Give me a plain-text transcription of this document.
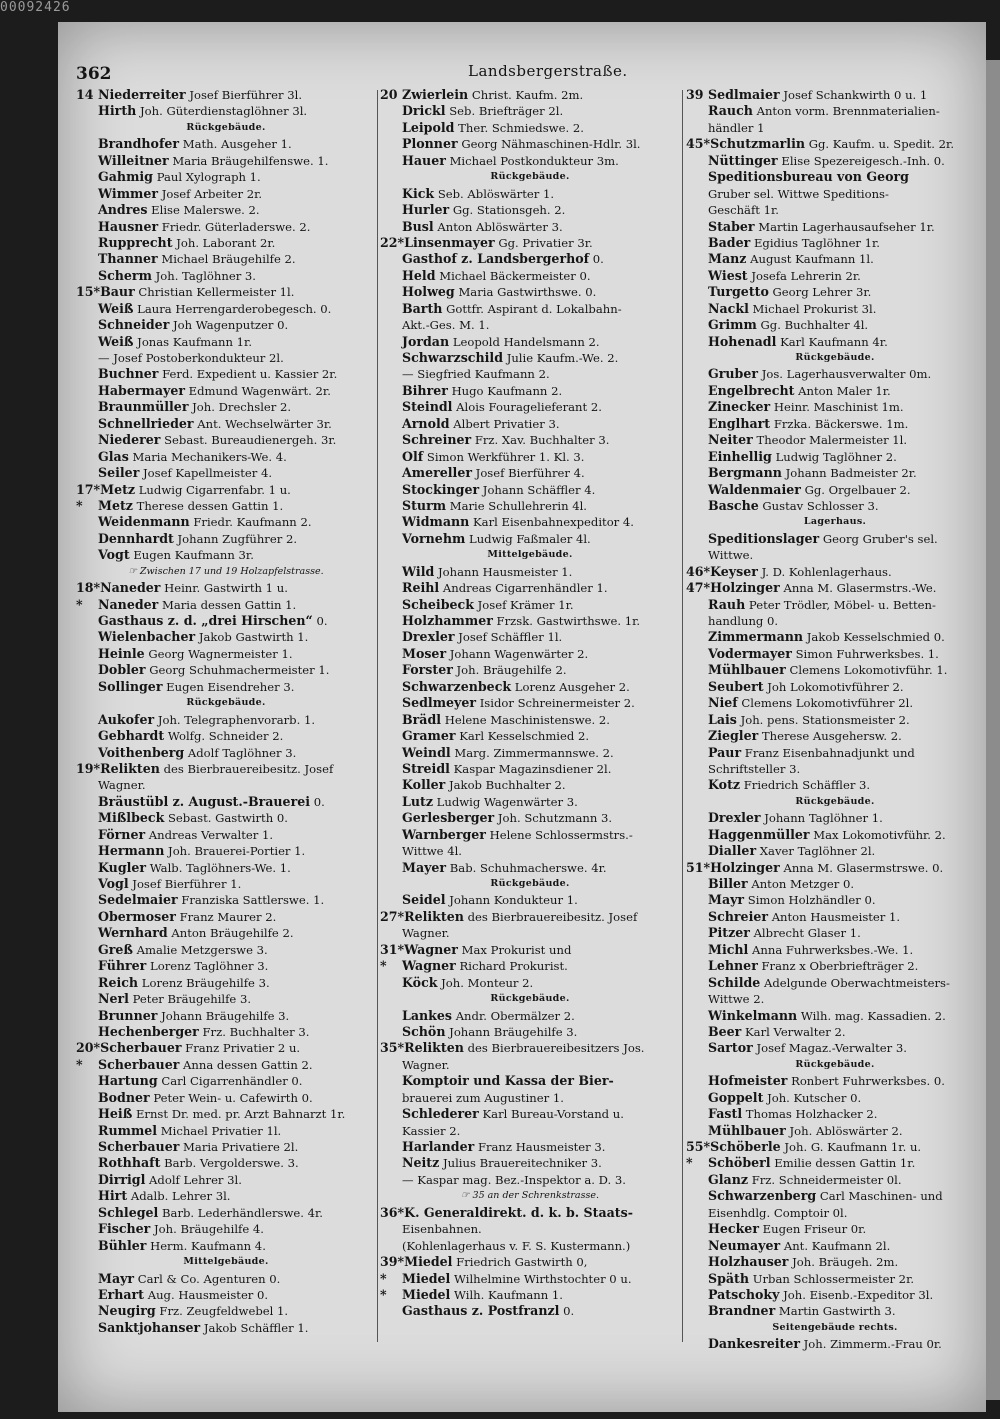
00092426
362	Landsbergerstraße.
14 Niederreiter Josef Bierführer 3l.
Hirth Joh. Güterdienstaglöhner 3l.
Rückgebäude.
Brandhofer Math. Ausgeher 1.
Willeitner Maria Bräugehilfenswe. 1.
Gahmig Paul Xylograph 1.
Wimmer Josef Arbeiter 2r.
Andres Elise Malerswe. 2.
Hausner Friedr. Güterladerswe. 2.
Rupprecht Joh. Laborant 2r.
Thanner Michael Bräugehilfe 2.
Scherm Joh. Taglöhner 3.
15*Baur Christian Kellermeister 1l.
Weiß Laura Herrengarderobegesch. 0.
Schneider Joh Wagenputzer 0.
Weiß Jonas Kaufmann 1r.
— Josef Postoberkondukteur 2l.
Buchner Ferd. Expedient u. Kassier 2r.
Habermayer Edmund Wagenwärt. 2r.
Braunmüller Joh. Drechsler 2.
Schnellrieder Ant. Wechselwärter 3r.
Niederer Sebast. Bureaudienergeh. 3r.
Glas Maria Mechanikers-We. 4.
Seiler Josef Kapellmeister 4.
17*Metz Ludwig Cigarrenfabr. 1 u.
* Metz Therese dessen Gattin 1.
Weidenmann Friedr. Kaufmann 2.
Dennhardt Johann Zugführer 2.
Vogt Eugen Kaufmann 3r.
☞ Zwischen 17 und 19 Holzapfelstrasse.
18*Naneder Heinr. Gastwirth 1 u.
* Naneder Maria dessen Gattin 1.
Gasthaus z. d. „drei Hirschen“ 0.
Wielenbacher Jakob Gastwirth 1.
Heinle Georg Wagnermeister 1.
Dobler Georg Schuhmachermeister 1.
Sollinger Eugen Eisendreher 3.
Rückgebäude.
Aukofer Joh. Telegraphenvorarb. 1.
Gebhardt Wolfg. Schneider 2.
Voithenberg Adolf Taglöhner 3.
19*Relikten des Bierbrauereibesitz. Josef
Wagner.
Bräustübl z. August.-Brauerei 0.
Mißlbeck Sebast. Gastwirth 0.
Förner Andreas Verwalter 1.
Hermann Joh. Brauerei-Portier 1.
Kugler Walb. Taglöhners-We. 1.
Vogl Josef Bierführer 1.
Sedelmaier Franziska Sattlerswe. 1.
Obermoser Franz Maurer 2.
Wernhard Anton Bräugehilfe 2.
Greß Amalie Metzgerswe 3.
Führer Lorenz Taglöhner 3.
Reich Lorenz Bräugehilfe 3.
Nerl Peter Bräugehilfe 3.
Brunner Johann Bräugehilfe 3.
Hechenberger Frz. Buchhalter 3.
20*Scherbauer Franz Privatier 2 u.
* Scherbauer Anna dessen Gattin 2.
Hartung Carl Cigarrenhändler 0.
Bodner Peter Wein- u. Cafewirth 0.
Heiß Ernst Dr. med. pr. Arzt Bahnarzt 1r.
Rummel Michael Privatier 1l.
Scherbauer Maria Privatiere 2l.
Rothhaft Barb. Vergolderswe. 3.
Dirrigl Adolf Lehrer 3l.
Hirt Adalb. Lehrer 3l.
Schlegel Barb. Lederhändlerswe. 4r.
Fischer Joh. Bräugehilfe 4.
Bühler Herm. Kaufmann 4.
Mittelgebäude.
Mayr Carl & Co. Agenturen 0.
Erhart Aug. Hausmeister 0.
Neugirg Frz. Zeugfeldwebel 1.
Sanktjohanser Jakob Schäffler 1.
20 Zwierlein Christ. Kaufm. 2m.
Drickl Seb. Briefträger 2l.
Leipold Ther. Schmiedswe. 2.
Plonner Georg Nähmaschinen-Hdlr. 3l.
Hauer Michael Postkondukteur 3m.
Rückgebäude.
Kick Seb. Ablöswärter 1.
Hurler Gg. Stationsgeh. 2.
Busl Anton Ablöswärter 3.
22*Linsenmayer Gg. Privatier 3r.
Gasthof z. Landsbergerhof 0.
Held Michael Bäckermeister 0.
Holweg Maria Gastwirthswe. 0.
Barth Gottfr. Aspirant d. Lokalbahn-
Akt.-Ges. M. 1.
Jordan Leopold Handelsmann 2.
Schwarzschild Julie Kaufm.-We. 2.
— Siegfried Kaufmann 2.
Bihrer Hugo Kaufmann 2.
Steindl Alois Fouragelieferant 2.
Arnold Albert Privatier 3.
Schreiner Frz. Xav. Buchhalter 3.
Olf Simon Werkführer 1. Kl. 3.
Amereller Josef Bierführer 4.
Stockinger Johann Schäffler 4.
Sturm Marie Schullehrerin 4l.
Widmann Karl Eisenbahnexpeditor 4.
Vornehm Ludwig Faßmaler 4l.
Mittelgebäude.
Wild Johann Hausmeister 1.
Reihl Andreas Cigarrenhändler 1.
Scheibeck Josef Krämer 1r.
Holzhammer Frzsk. Gastwirthswe. 1r.
Drexler Josef Schäffler 1l.
Moser Johann Wagenwärter 2.
Forster Joh. Bräugehilfe 2.
Schwarzenbeck Lorenz Ausgeher 2.
Sedlmeyer Isidor Schreinermeister 2.
Brädl Helene Maschinistenswe. 2.
Gramer Karl Kesselschmied 2.
Weindl Marg. Zimmermannswe. 2.
Streidl Kaspar Magazinsdiener 2l.
Koller Jakob Buchhalter 2.
Lutz Ludwig Wagenwärter 3.
Gerlesberger Joh. Schutzmann 3.
Warnberger Helene Schlossermstrs.-
Wittwe 4l.
Mayer Bab. Schuhmacherswe. 4r.
Rückgebäude.
Seidel Johann Kondukteur 1.
27*Relikten des Bierbrauereibesitz. Josef
Wagner.
31*Wagner Max Prokurist und
* Wagner Richard Prokurist.
Köck Joh. Monteur 2.
Rückgebäude.
Lankes Andr. Obermälzer 2.
Schön Johann Bräugehilfe 3.
35*Relikten des Bierbrauereibesitzers Jos.
Wagner.
Komptoir und Kassa der Bier-
brauerei zum Augustiner 1.
Schlederer Karl Bureau-Vorstand u.
Kassier 2.
Harlander Franz Hausmeister 3.
Neitz Julius Brauereitechniker 3.
— Kaspar mag. Bez.-Inspektor a. D. 3.
☞ 35 an der Schrenkstrasse.
36*K. Generaldirekt. d. k. b. Staats-
Eisenbahnen.
(Kohlenlagerhaus v. F. S. Kustermann.)
39*Miedel Friedrich Gastwirth 0,
* Miedel Wilhelmine Wirthstochter 0 u.
* Miedel Wilh. Kaufmann 1.
Gasthaus z. Postfranzl 0.
39 Sedlmaier Josef Schankwirth 0 u. 1
Rauch Anton vorm. Brennmaterialien-
händler 1
45*Schutzmarlin Gg. Kaufm. u. Spedit. 2r.
Nüttinger Elise Spezereigesch.-Inh. 0.
Speditionsbureau von Georg
Gruber sel. Wittwe Speditions-
Geschäft 1r.
Staber Martin Lagerhausaufseher 1r.
Bader Egidius Taglöhner 1r.
Manz August Kaufmann 1l.
Wiest Josefa Lehrerin 2r.
Turgetto Georg Lehrer 3r.
Nackl Michael Prokurist 3l.
Grimm Gg. Buchhalter 4l.
Hohenadl Karl Kaufmann 4r.
Rückgebäude.
Gruber Jos. Lagerhausverwalter 0m.
Engelbrecht Anton Maler 1r.
Zinecker Heinr. Maschinist 1m.
Englhart Frzka. Bäckerswe. 1m.
Neiter Theodor Malermeister 1l.
Einhellig Ludwig Taglöhner 2.
Bergmann Johann Badmeister 2r.
Waldenmaier Gg. Orgelbauer 2.
Basche Gustav Schlosser 3.
Lagerhaus.
Speditionslager Georg Gruber's sel.
Wittwe.
46*Keyser J. D. Kohlenlagerhaus.
47*Holzinger Anna M. Glasermstrs.-We.
Rauh Peter Trödler, Möbel- u. Betten-
handlung 0.
Zimmermann Jakob Kesselschmied 0.
Vodermayer Simon Fuhrwerksbes. 1.
Mühlbauer Clemens Lokomotivführ. 1.
Seubert Joh Lokomotivführer 2.
Nief Clemens Lokomotivführer 2l.
Lais Joh. pens. Stationsmeister 2.
Ziegler Therese Ausgehersw. 2.
Paur Franz Eisenbahnadjunkt und
Schriftsteller 3.
Kotz Friedrich Schäffler 3.
Rückgebäude.
Drexler Johann Taglöhner 1.
Haggenmüller Max Lokomotivführ. 2.
Dialler Xaver Taglöhner 2l.
51*Holzinger Anna M. Glasermstrswe. 0.
Biller Anton Metzger 0.
Mayr Simon Holzhändler 0.
Schreier Anton Hausmeister 1.
Pitzer Albrecht Glaser 1.
Michl Anna Fuhrwerksbes.-We. 1.
Lehner Franz x Oberbriefträger 2.
Schilde Adelgunde Oberwachtmeisters-
Wittwe 2.
Winkelmann Wilh. mag. Kassadien. 2.
Beer Karl Verwalter 2.
Sartor Josef Magaz.-Verwalter 3.
Rückgebäude.
Hofmeister Ronbert Fuhrwerksbes. 0.
Goppelt Joh. Kutscher 0.
Fastl Thomas Holzhacker 2.
Mühlbauer Joh. Ablöswärter 2.
55*Schöberle Joh. G. Kaufmann 1r. u.
* Schöberl Emilie dessen Gattin 1r.
Glanz Frz. Schneidermeister 0l.
Schwarzenberg Carl Maschinen- und
Eisenhdlg. Comptoir 0l.
Hecker Eugen Friseur 0r.
Neumayer Ant. Kaufmann 2l.
Holzhauser Joh. Bräugeh. 2m.
Späth Urban Schlossermeister 2r.
Patschoky Joh. Eisenb.-Expeditor 3l.
Brandner Martin Gastwirth 3.
Seitengebäude rechts.
Dankesreiter Joh. Zimmerm.-Frau 0r.
